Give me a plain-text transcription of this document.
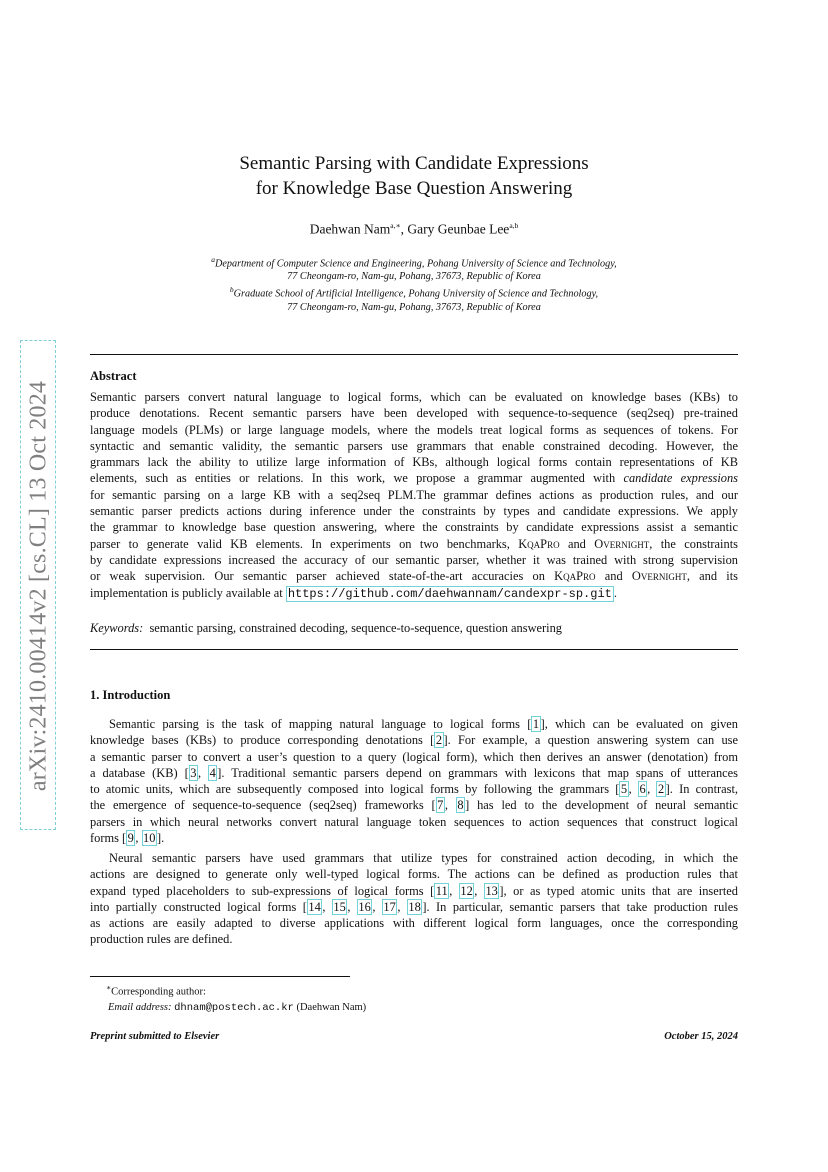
arXiv:2410.00414v2 [cs.CL] 13 Oct 2024
Semantic Parsing with Candidate Expressions
for Knowledge Base Question Answering
Daehwan Nam$^{a,∗}$, Gary Geunbae Lee$^{a,b}$
$^a$Department of Computer Science and Engineering, Pohang University of Science and Technology,
77 Cheongam-ro, Nam-gu, Pohang, 37673, Republic of Korea
$^b$Graduate School of Artificial Intelligence, Pohang University of Science and Technology,
77 Cheongam-ro, Nam-gu, Pohang, 37673, Republic of Korea
Abstract
Semantic parsers convert natural language to logical forms, which can be evaluated on knowledge bases (KBs) to
produce denotations. Recent semantic parsers have been developed with sequence-to-sequence (seq2seq) pre-trained
language models (PLMs) or large language models, where the models treat logical forms as sequences of tokens. For
syntactic and semantic validity, the semantic parsers use grammars that enable constrained decoding. However, the
grammars lack the ability to utilize large information of KBs, although logical forms contain representations of KB
elements, such as entities or relations. In this work, we propose a grammar augmented with candidate expressions
for semantic parsing on a large KB with a seq2seq PLM.The grammar defines actions as production rules, and our
semantic parser predicts actions during inference under the constraints by types and candidate expressions. We apply
the grammar to knowledge base question answering, where the constraints by candidate expressions assist a semantic
parser to generate valid KB elements. In experiments on two benchmarks, KqaPro and Overnight, the constraints
by candidate expressions increased the accuracy of our semantic parser, whether it was trained with strong supervision
or weak supervision. Our semantic parser achieved state-of-the-art accuracies on KqaPro and Overnight, and its
implementation is publicly available at https://github.com/daehwannam/candexpr-sp.git .
Keywords: semantic parsing, constrained decoding, sequence-to-sequence, question answering
1. Introduction
Semantic parsing is the task of mapping natural language to logical forms [ 1 ], which can be evaluated on given
knowledge bases (KBs) to produce corresponding denotations [ 2 ]. For example, a question answering system can use
a semantic parser to convert a user’s question to a query (logical form), which then derives an answer (denotation) from
a database (KB) [ 3 , 4 ]. Traditional semantic parsers depend on grammars with lexicons that map spans of utterances
to atomic units, which are subsequently composed into logical forms by following the grammars [ 5 , 6 , 2 ]. In contrast,
the emergence of sequence-to-sequence (seq2seq) frameworks [ 7 , 8 ] has led to the development of neural semantic
parsers in which neural networks convert natural language token sequences to action sequences that construct logical
forms [ 9 , 10 ].
Neural semantic parsers have used grammars that utilize types for constrained action decoding, in which the
actions are designed to generate only well-typed logical forms. The actions can be defined as production rules that
expand typed placeholders to sub-expressions of logical forms [ 11 , 12 , 13 ], or as typed atomic units that are inserted
into partially constructed logical forms [ 14 , 15 , 16 , 17 , 18 ]. In particular, semantic parsers that take production rules
as actions are easily adapted to diverse applications with different logical form languages, once the corresponding
production rules are defined.
∗Corresponding author:
Email address: dhnam@postech.ac.kr (Daehwan Nam)
Preprint submitted to Elsevier	October 15, 2024
